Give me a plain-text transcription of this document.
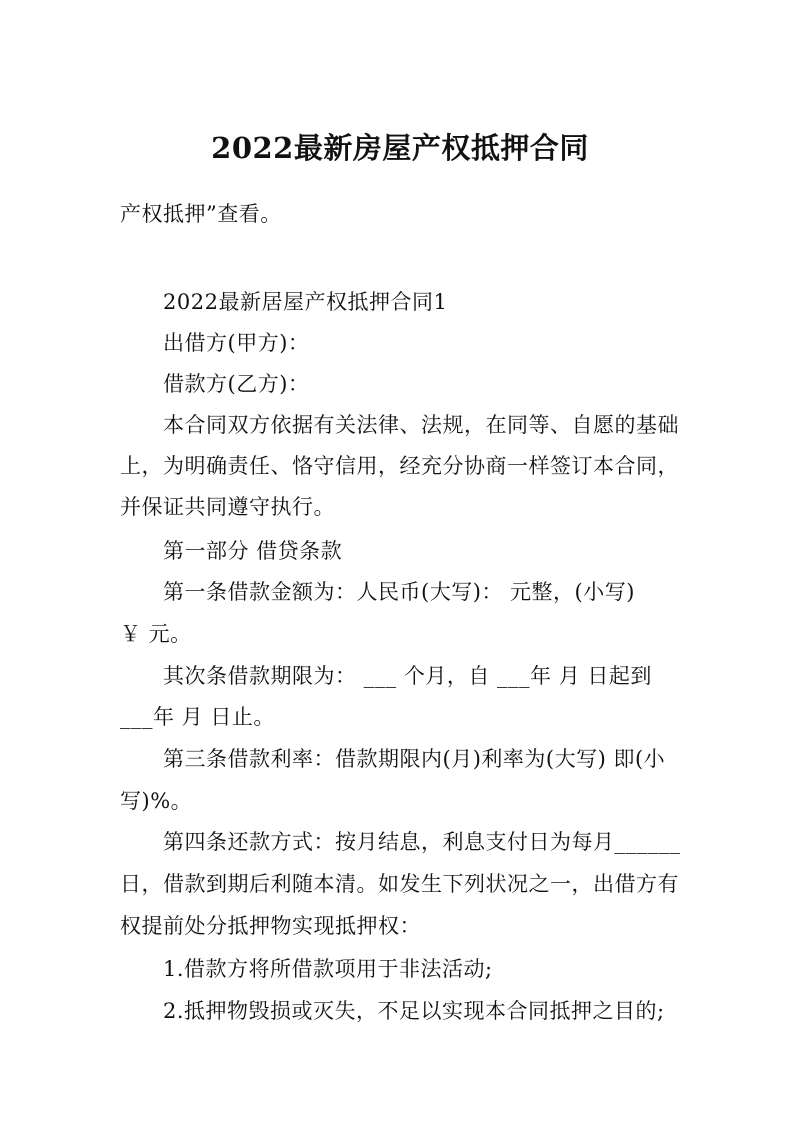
2022最新房屋产权抵押合同
产权抵押”查看。
2022最新居屋产权抵押合同1
出借方(甲方)：
借款方(乙方)：
本合同双方依据有关法律、法规，在同等、自愿的基础
上，为明确责任、恪守信用，经充分协商一样签订本合同，
并保证共同遵守执行。
第一部分 借贷条款
第一条借款金额为：人民币(大写)： 元整，(小写)
￥ 元。
其次条借款期限为： ___ 个月，自 ___年 月 日起到
___年 月 日止。
第三条借款利率：借款期限内(月)利率为(大写) 即(小
写)%。
第四条还款方式：按月结息，利息支付日为每月______
日，借款到期后利随本清。如发生下列状况之一，出借方有
权提前处分抵押物实现抵押权：
1.借款方将所借款项用于非法活动;
2.抵押物毁损或灭失，不足以实现本合同抵押之目的;
